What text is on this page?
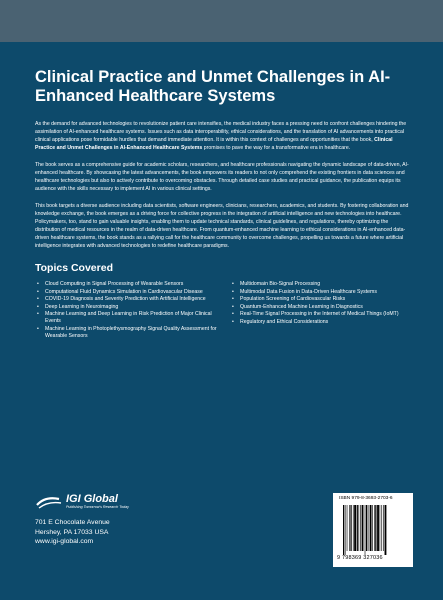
Clinical Practice and Unmet Challenges in AI-Enhanced Healthcare Systems

As the demand for advanced technologies to revolutionize patient care intensifies, the medical industry faces a pressing need to confront challenges hindering the assimilation of AI-enhanced healthcare systems. Issues such as data interoperability, ethical considerations, and the translation of AI advancements into practical clinical applications pose formidable hurdles that demand immediate attention. It is within this context of challenges and opportunities that the book, Clinical Practice and Unmet Challenges in AI-Enhanced Healthcare Systems promises to pave the way for a transformative era in healthcare.

The book serves as a comprehensive guide for academic scholars, researchers, and healthcare professionals navigating the dynamic landscape of data-driven, AI-enhanced healthcare. By showcasing the latest advancements, the book empowers its readers to not only comprehend the existing frontiers in data sciences and healthcare technologies but also to actively contribute to overcoming obstacles. Through detailed case studies and practical guidance, the publication equips its audience with the skills necessary to implement AI in various clinical settings.

This book targets a diverse audience including data scientists, software engineers, clinicians, researchers, academics, and students. By fostering collaboration and knowledge exchange, the book emerges as a driving force for collective progress in the integration of artificial intelligence and new technologies into healthcare. Policymakers, too, stand to gain valuable insights, enabling them to update technical standards, clinical guidelines, and regulations, thereby optimizing the distribution of medical resources in the realm of data-driven healthcare. From quantum-enhanced machine learning to ethical considerations in AI-enhanced data-driven healthcare systems, the book stands as a rallying call for the healthcare community to overcome challenges, propelling us towards a future where artificial intelligence integrates with advanced technologies to redefine healthcare paradigms.

Topics Covered
• Cloud Computing in Signal Processing of Wearable Sensors
• Computational Fluid Dynamics Simulation in Cardiovascular Disease
• COVID-19 Diagnosis and Severity Prediction with Artificial Intelligence
• Deep Learning in Neuroimaging
• Machine Learning and Deep Learning in Risk Prediction of Major Clinical Events
• Machine Learning in Photoplethysmography Signal Quality Assessment for Wearable Sensors
• Multidomain Bio-Signal Processing
• Multimodal Data Fusion in Data-Driven Healthcare Systems
• Population Screening of Cardiovascular Risks
• Quantum-Enhanced Machine Learning in Diagnostics
• Real-Time Signal Processing in the Internet of Medical Things (IoMT)
• Regulatory and Ethical Considerations
IGI Global
Publishing Tomorrow's Research Today
701 E Chocolate Avenue
Hershey, PA 17033 USA
www.igi-global.com
ISBN 979-8-3693-2703-6
9 798369 327036
